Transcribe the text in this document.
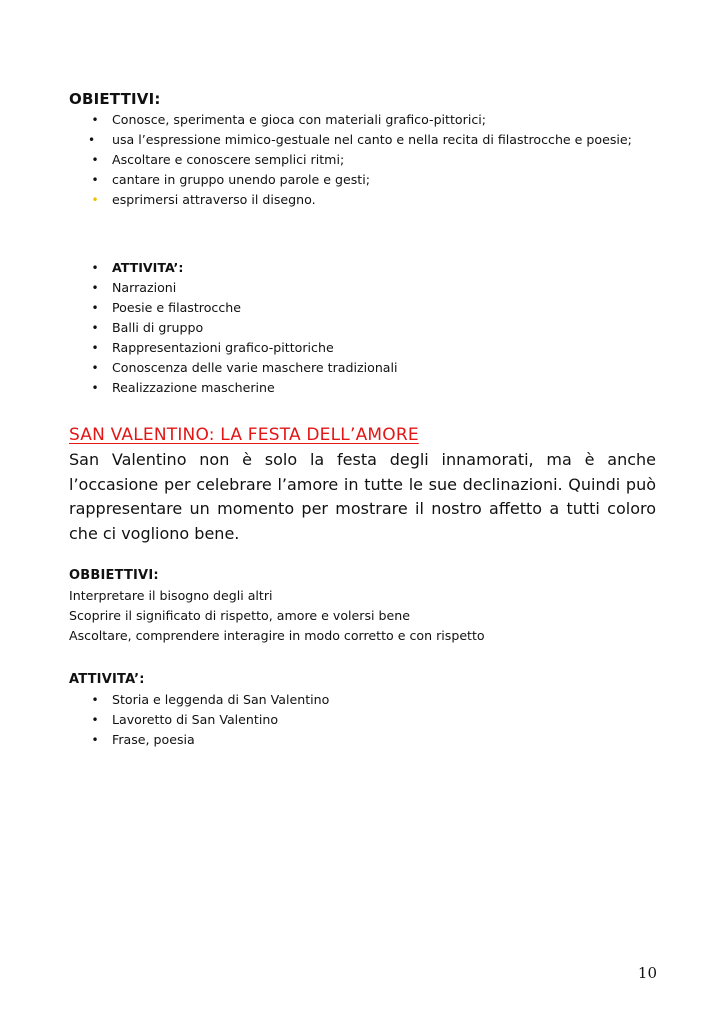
OBIETTIVI:
• Conosce, sperimenta e gioca con materiali grafico-pittorici;
•	usa l’espressione mimico-gestuale nel canto e nella recita di filastrocche e poesie;
• Ascoltare e conoscere semplici ritmi;
• cantare in gruppo unendo parole e gesti;
• esprimersi attraverso il disegno.
• ATTIVITA’:
• Narrazioni
• Poesie e filastrocche
• Balli di gruppo
• Rappresentazioni grafico-pittoriche
• Conoscenza delle varie maschere tradizionali
• Realizzazione mascherine
SAN VALENTINO: LA FESTA DELL’AMORE

San Valentino non è solo la festa degli innamorati, ma è anche l’occasione per celebrare l’amore in tutte le sue declinazioni. Quindi può rappresentare un momento per mostrare il nostro affetto a tutti coloro che ci vogliono bene.

OBBIETTIVI:
Interpretare il bisogno degli altri
Scoprire il significato di rispetto, amore e volersi bene
Ascoltare, comprendere interagire in modo corretto e con rispetto
ATTIVITA’:
• Storia e leggenda di San Valentino
• Lavoretto di San Valentino
• Frase, poesia
10
